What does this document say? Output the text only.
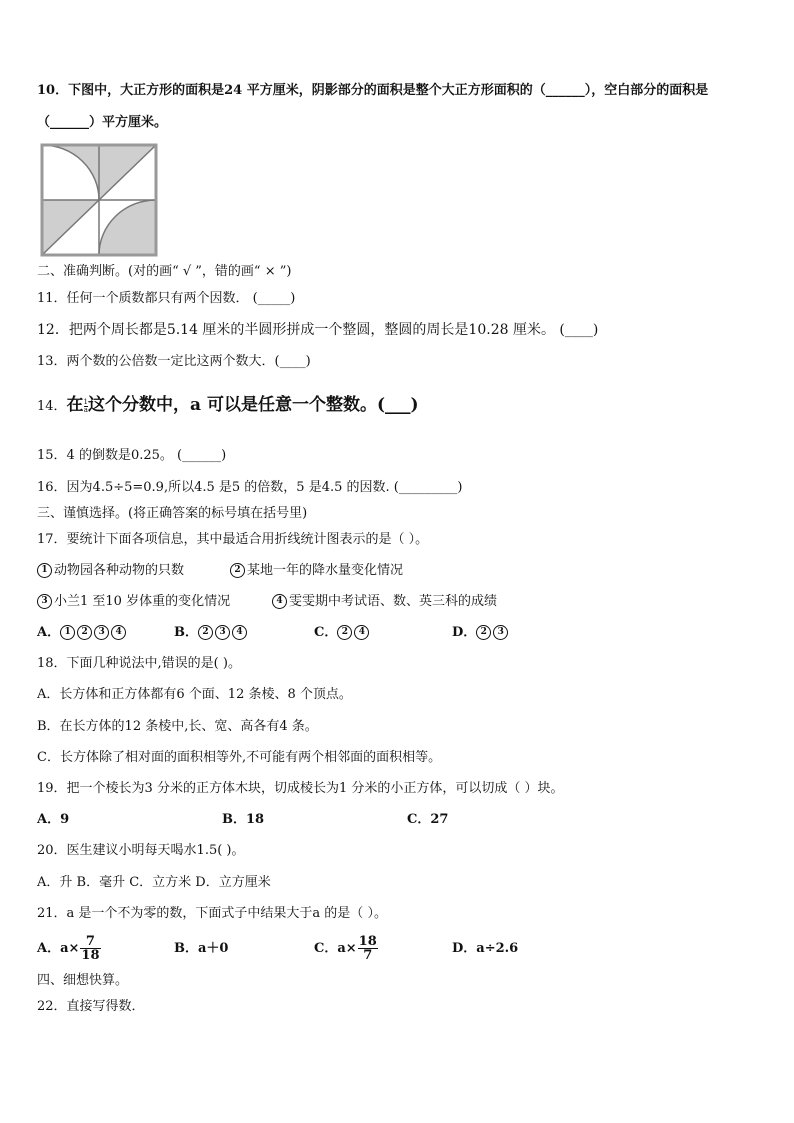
10．下图中，大正方形的面积是24 平方厘米，阴影部分的面积是整个大正方形面积的（______），空白部分的面积是
（______）平方厘米。
二、准确判断。(对的画“ √ ”，错的画“ × ”)
11．任何一个质数都只有两个因数． (_____)
12．把两个周长都是5.14 厘米的半圆形拼成一个整圆，整圆的周长是10.28 厘米。 (____)
13．两个数的公倍数一定比这两个数大．(____)
14．在 $\frac{1}{a}$这个分数中，a 可以是任意一个整数。(___)
15．4 的倒数是0.25。 (______)
16．因为4.5÷5=0.9,所以4.5 是5 的倍数，5 是4.5 的因数. (_________)
三、谨慎选择。(将正确答案的标号填在括号里)
17．要统计下面各项信息，其中最适合用折线统计图表示的是（ ）。
1 动物园各种动物的只数	2 某地一年的降水量变化情况
3 小兰1 至10 岁体重的变化情况	4 雯雯期中考试语、数、英三科的成绩
A． 1 2 3 4	B． 2 3 4	C． 2 4	D． 2 3
18．下面几种说法中,错误的是( )。
A．长方体和正方体都有6 个面、12 条棱、8 个顶点。
B．在长方体的12 条棱中,长、宽、高各有4 条。
C．长方体除了相对面的面积相等外,不可能有两个相邻面的面积相等。
19．把一个棱长为3 分米的正方体木块，切成棱长为1 分米的小正方体，可以切成（ ）块。
A．9	B．18	C．27
20．医生建议小明每天喝水1.5( )。
A．升 B．毫升 C．立方米 D．立方厘米
21．a 是一个不为零的数，下面式子中结果大于a 的是（ ）。
A．$a\times \frac{7}{18}$	B．a＋0	C．$a\times \frac{18}{7}$	D．a÷2.6
四、细想快算。
22．直接写得数．
